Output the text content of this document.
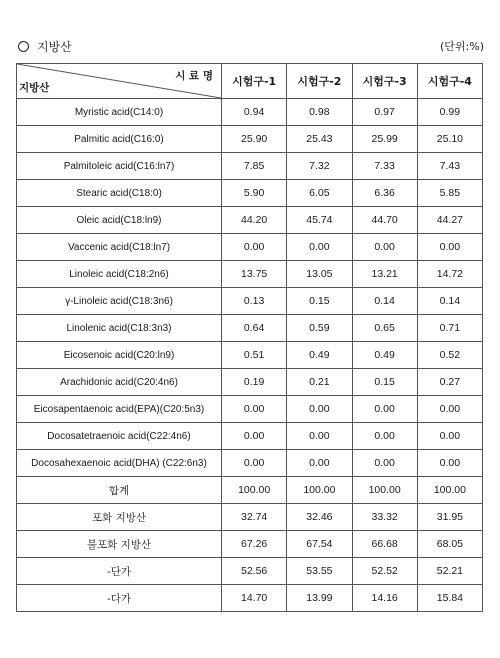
지방산	(단위:%)
시 료 명
지방산	시험구-1	시험구-2	시험구-3	시험구-4
Myristic acid(C14:0)	0.94	0.98	0.97	0.99
Palmitic acid(C16:0)	25.90	25.43	25.99	25.10
Palmitoleic acid(C16:ln7)	7.85	7.32	7.33	7.43
Stearic acid(C18:0)	5.90	6.05	6.36	5.85
Oleic acid(C18:ln9)	44.20	45.74	44.70	44.27
Vaccenic acid(C18:ln7)	0.00	0.00	0.00	0.00
Linoleic acid(C18:2n6)	13.75	13.05	13.21	14.72
γ-Linoleic acid(C18:3n6)	0.13	0.15	0.14	0.14
Linolenic acid(C18:3n3)	0.64	0.59	0.65	0.71
Eicosenoic acid(C20:ln9)	0.51	0.49	0.49	0.52
Arachidonic acid(C20:4n6)	0.19	0.21	0.15	0.27
Eicosapentaenoic acid(EPA)(C20:5n3)	0.00	0.00	0.00	0.00
Docosatetraenoic acid(C22:4n6)	0.00	0.00	0.00	0.00
Docosahexaenoic acid(DHA) (C22:6n3)	0.00	0.00	0.00	0.00
합계	100.00	100.00	100.00	100.00
포화 지방산	32.74	32.46	33.32	31.95
불포화 지방산	67.26	67.54	66.68	68.05
-단가	52.56	53.55	52.52	52.21
-다가	14.70	13.99	14.16	15.84
